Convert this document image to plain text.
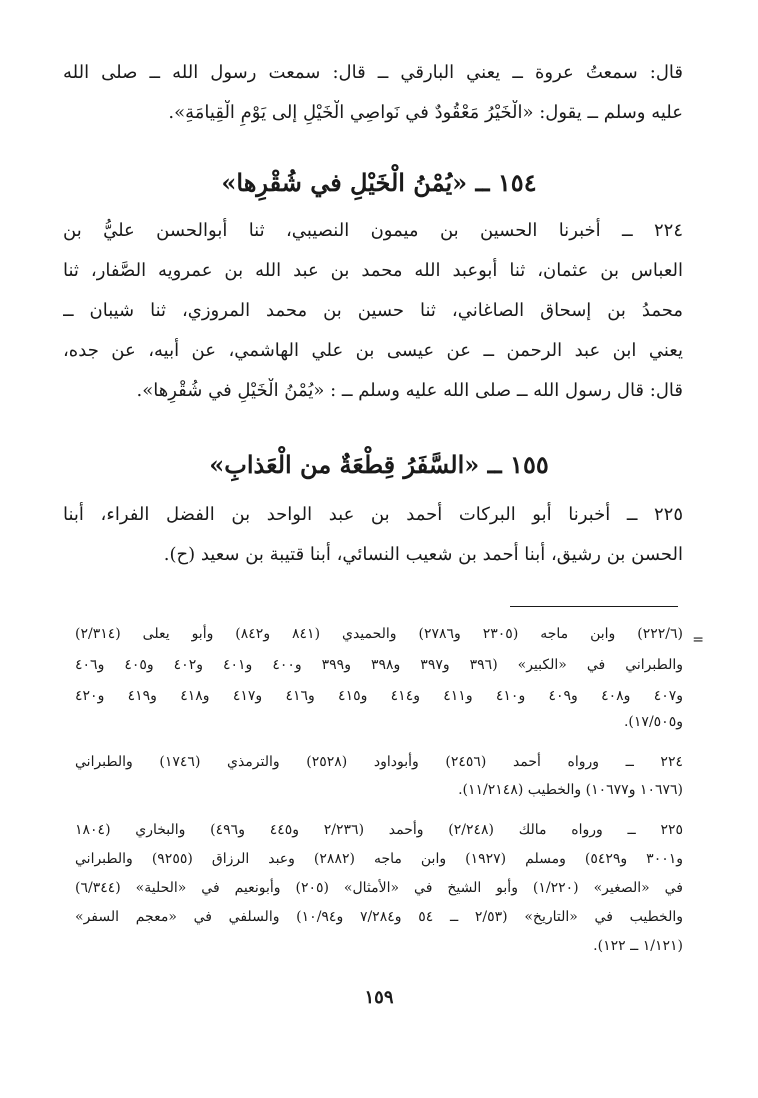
قال: سمعتُ عروة ــ يعني البارقي ــ قال: سمعت رسول الله ــ صلى الله
عليه وسلم ــ يقول: «الْخَيْرُ مَعْقُودٌ في نَواصِي الْخَيْلِ إلى يَوْمِ الْقِيامَةِ».
١٥٤ ــ «يُمْنُ الْخَيْلِ في شُقْرِها»
٢٢٤ ــ أخبرنا الحسين بن ميمون النصيبي، ثنا أبوالحسن عليُّ بن
العباس بن عثمان، ثنا أبوعبد الله محمد بن عبد الله بن عمرويه الصَّفار، ثنا
محمدُ بن إسحاق الصاغاني، ثنا حسين بن محمد المروزي، ثنا شيبان ــ
يعني ابن عبد الرحمن ــ عن عيسى بن علي الهاشمي، عن أبيه، عن جده،
قال: قال رسول الله ــ صلى الله عليه وسلم ــ : «يُمْنُ الْخَيْلِ في شُقْرِها».
١٥٥ ــ «السَّفَرُ قِطْعَةٌ من الْعَذابِ»
٢٢٥ ــ أخبرنا أبو البركات أحمد بن عبد الواحد بن الفضل الفراء، أبنا
الحسن بن رشيق، أبنا أحمد بن شعيب النسائي، أبنا قتيبة بن سعيد (ح).
=
(٢٢٢/٦) وابن ماجه (٢٣٠٥ و٢٧٨٦) والحميدي (٨٤١ و٨٤٢) وأبو يعلى (٢/٣١٤)
والطبراني في «الكبير» (٣٩٦ و٣٩٧ و٣٩٨ و٣٩٩ و٤٠٠ و٤٠١ و٤٠٢ و٤٠٥ و٤٠٦
و٤٠٧ و٤٠٨ و٤٠٩ و٤١٠ و٤١١ و٤١٤ و٤١٥ و٤١٦ و٤١٧ و٤١٨ و٤١٩ و٤٢٠
و١٧/٥٠٥).
٢٢٤ ــ ورواه أحمد (٢٤٥٦) وأبوداود (٢٥٢٨) والترمذي (١٧٤٦) والطبراني
(١٠٦٧٦ و١٠٦٧٧) والخطيب (١١/٢١٤٨).
٢٢٥ ــ ورواه مالك (٢/٢٤٨) وأحمد (٢/٢٣٦ و٤٤٥ و٤٩٦) والبخاري (١٨٠٤
و٣٠٠١ و٥٤٢٩) ومسلم (١٩٢٧) وابن ماجه (٢٨٨٢) وعبد الرزاق (٩٢٥٥) والطبراني
في «الصغير» (١/٢٢٠) وأبو الشيخ في «الأمثال» (٢٠٥) وأبونعيم في «الحلية» (٦/٣٤٤)
والخطيب في «التاريخ» (٢/٥٣ ــ ٥٤ و٧/٢٨٤ و١٠/٩٤) والسلفي في «معجم السفر»
(١/١٢١ ــ ١٢٢).
١٥٩
